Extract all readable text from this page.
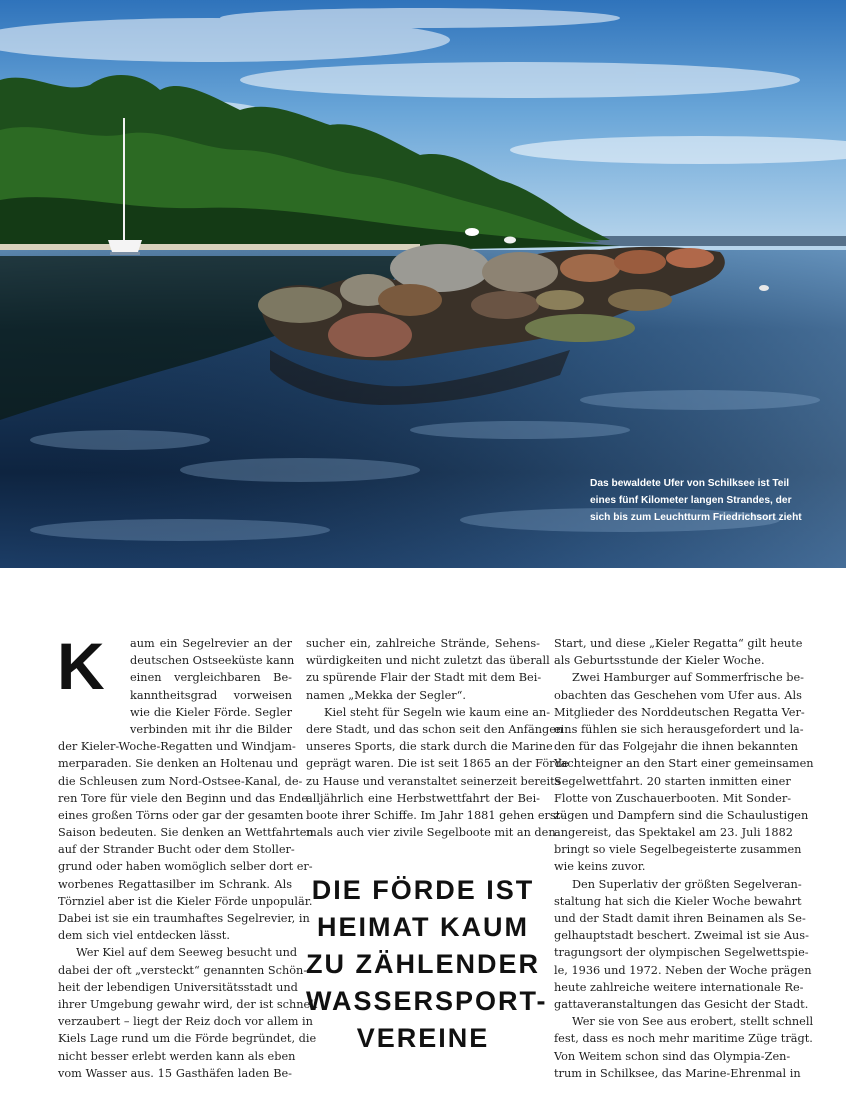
Das bewaldete Ufer von Schilksee ist Teil
eines fünf Kilometer langen Strandes, der
sich bis zum Leuchtturm Friedrichsort zieht
K aum ein Segelrevier an der
deutschen Ostseeküste kann
einen vergleichbaren Be-
kanntheitsgrad vorweisen
wie die Kieler Förde. Segler
verbinden mit ihr die Bilder
der Kieler-Woche-Regatten und Windjam-
merparaden. Sie denken an Holtenau und
die Schleusen zum Nord-Ostsee-Kanal, de-
ren Tore für viele den Beginn und das Ende
eines großen Törns oder gar der gesamten
Saison bedeuten. Sie denken an Wettfahrten
auf der Strander Bucht oder dem Stoller-
grund oder haben womöglich selber dort er-
worbenes Regattasilber im Schrank. Als
Törnziel aber ist die Kieler Förde unpopulär.
Dabei ist sie ein traumhaftes Segelrevier, in
dem sich viel entdecken lässt.
Wer Kiel auf dem Seeweg besucht und
dabei der oft „versteckt“ genannten Schön-
heit der lebendigen Universitätsstadt und
ihrer Umgebung gewahr wird, der ist schnell
verzaubert – liegt der Reiz doch vor allem in
Kiels Lage rund um die Förde begründet, die
nicht besser erlebt werden kann als eben
vom Wasser aus. 15 Gasthäfen laden Be-
sucher ein, zahlreiche Strände, Sehens-
würdigkeiten und nicht zuletzt das überall
zu spürende Flair der Stadt mit dem Bei-
namen „Mekka der Segler“.
Kiel steht für Segeln wie kaum eine an-
dere Stadt, und das schon seit den Anfängen
unseres Sports, die stark durch die Marine
geprägt waren. Die ist seit 1865 an der Förde
zu Hause und veranstaltet seinerzeit bereits
alljährlich eine Herbstwettfahrt der Bei-
boote ihrer Schiffe. Im Jahr 1881 gehen erst-
mals auch vier zivile Segelboote mit an den
DIE FÖRDE IST
HEIMAT KAUM
ZU ZÄHLENDER
WASSERSPORT-
VEREINE
Start, und diese „Kieler Regatta“ gilt heute
als Geburtsstunde der Kieler Woche.
Zwei Hamburger auf Sommerfrische be-
obachten das Geschehen vom Ufer aus. Als
Mitglieder des Norddeutschen Regatta Ver-
eins fühlen sie sich herausgefordert und la-
den für das Folgejahr die ihnen bekannten
Yachteigner an den Start einer gemeinsamen
Segelwettfahrt. 20 starten inmitten einer
Flotte von Zuschauerbooten. Mit Sonder-
zügen und Dampfern sind die Schaulustigen
angereist, das Spektakel am 23. Juli 1882
bringt so viele Segelbegeisterte zusammen
wie keins zuvor.
Den Superlativ der größten Segelveran-
staltung hat sich die Kieler Woche bewahrt
und der Stadt damit ihren Beinamen als Se-
gelhauptstadt beschert. Zweimal ist sie Aus-
tragungsort der olympischen Segelwettspie-
le, 1936 und 1972. Neben der Woche prägen
heute zahlreiche weitere internationale Re-
gattaveranstaltungen das Gesicht der Stadt.
Wer sie von See aus erobert, stellt schnell
fest, dass es noch mehr maritime Züge trägt.
Von Weitem schon sind das Olympia-Zen-
trum in Schilksee, das Marine-Ehrenmal in
